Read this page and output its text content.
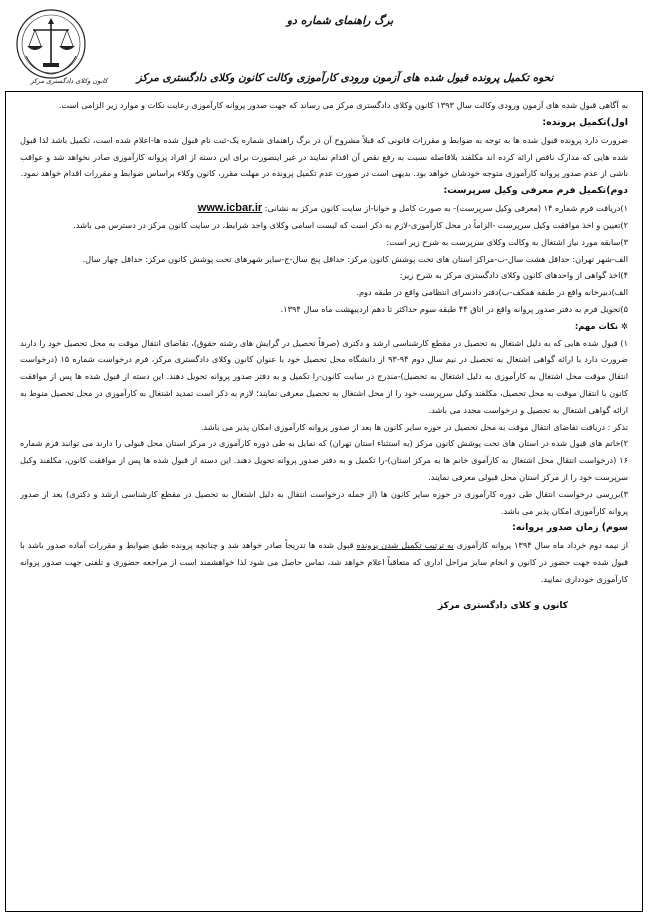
کانون وکلای دادگستری مرکز
برگ راهنمای شماره دو
نحوه تکمیل پرونده قبول شده های آزمون ورودی کارآموزی وکالت کانون وکلای دادگستری مرکز

به آگاهی قبول شده های آزمون ورودی وکالت سال ۱۳۹۳ کانون وکلای دادگستری مرکز می رساند که جهت صدور پروانه کارآموزی رعایت نکات و موارد زیر الزامی است.

اول)تکمیل پرونده:

ضرورت دارد پرونده قبول شده ها به توجه به ضوابط و مقررات قانونی که قبلاً مشروح آن در برگ راهنمای شماره یک-ثبت نام قبول شده ها-اعلام شده است، تکمیل باشد لذا قبول شده هایی که مدارک ناقص ارائه کرده اند مکلفند بلافاصله نسبت به رفع نقص آن اقدام نمایند در غیر اینصورت برای این دسته از افراد پروانه کارآموزی صادر نخواهد شد و عواقب ناشی از عدم صدور پروانه کارآموزی متوجه خودشان خواهد بود. بدیهی است در صورت عدم تکمیل پرونده در مهلت مقرر، کانون وکلاء براساس ضوابط و مقررات اقدام خواهد نمود.

دوم)تکمیل فرم معرفی وکیل سرپرست:

۱)دریافت فرم شماره ۱۴ (معرفی وکیل سرپرست)- به صورت کامل و خوانا-از سایت کانون مرکز به نشانی: www.icbar.ir

۲)تعیین و اخذ موافقت وکیل سرپرست -الزاماً در محل کارآموزی-لازم به ذکر است که لیست اسامی وکلای واجد شرایط، در سایت کانون مرکز در دسترس می باشد.

۳)سابقه مورد نیاز اشتغال به وکالت وکلای سرپرست به شرح زیر است:

الف-شهر تهران: حداقل هشت سال-ب-مراکز استان های تحت پوشش کانون مرکز: حداقل پنج سال-ج-سایر شهرهای تحت پوشش کانون مرکز: حداقل چهار سال.

۴)اخذ گواهی از واحدهای کانون وکلای دادگستری مرکز به شرح زیر:

الف)دبیرخانه واقع در طبقه همکف-ب)دفتر دادسرای انتظامی واقع در طبقه دوم.

۵)تحویل فرم به دفتر صدور پروانه واقع در اتاق ۴۴ طبقه سوم حداکثر تا دهم اردیبهشت ماه سال ۱۳۹۴.

✲ نکات مهم:

۱) قبول شده هایی که به دلیل اشتغال به تحصیل در مقطع کارشناسی ارشد و دکتری (صرفاً تحصیل در گرایش های رشته حقوق)، تقاضای انتقال موقت به محل تحصیل خود را دارند ضرورت دارد با ارائه گواهی اشتغال به تحصیل در نیم سال دوم ۹۴-۹۳ از دانشگاه محل تحصیل خود با عنوان کانون وکلای دادگستری مرکز، فرم درخواست شماره ۱۵ (درخواست انتقال موقت محل اشتغال به کارآموزی به دلیل اشتغال به تحصیل)-مندرج در سایت کانون-را تکمیل و به دفتر صدور پروانه تحویل دهند. این دسته از قبول شده ها پس از موافقت کانون با انتقال موقت به محل تحصیل، مکلفند وکیل سرپرست خود را از محل اشتغال به تحصیل معرفی نمایند؛ لازم به ذکر است تمدید اشتغال به کارآموزی در محل تحصیل منوط به ارائه گواهی اشتغال به تحصیل و درخواست مجدد می باشد.

تذکر : دریافت تقاضای انتقال موقت به محل تحصیل در حوزه سایر کانون ها بعد از صدور پروانه کارآموزی امکان پذیر می باشد.

۲)خاتم های قبول شده در استان های تحت پوشش کانون مرکز (به استثناء استان تهران) که تمایل به طی دوره کارآموزی در مرکز استان محل قبولی را دارند می توانند فرم شماره ۱۶ (درخواست انتقال محل اشتغال به کارآموی خانم ها به مرکز استان)-را تکمیل و به دفتر صدور پروانه تحویل دهند. این دسته از قبول شده ها پس از موافقت کانون، مکلفند وکیل سرپرست خود را از مرکز استان محل قبولی معرفی نمایند.

۳)بررسی درخواست انتقال طی دوره کارآموزی در حوزه سایر کانون ها (از جمله درخواست انتقال به دلیل اشتغال به تحصیل در مقطع کارشناسی ارشد و دکتری) بعد از صدور پروانه کارآموزی امکان پذیر می باشد.

سوم) زمان صدور پروانه:

از نیمه دوم خرداد ماه سال ۱۳۹۴ پروانه کارآموزی به ترتیب تکمیل شدن پرونده قبول شده ها تدریجاً صادر خواهد شد و چنانچه پرونده طبق ضوابط و مقررات آماده صدور باشد با قبول شده جهت حضور در کانون و انجام سایر مراحل اداری که متعاقباً اعلام خواهد شد، تماس حاصل می شود لذا خواهشمند است از مراجعه حضوری و تلفنی جهت صدور پروانه کارآموزی خودداری نمایید.

کانون و کلای دادگستری مرکز
